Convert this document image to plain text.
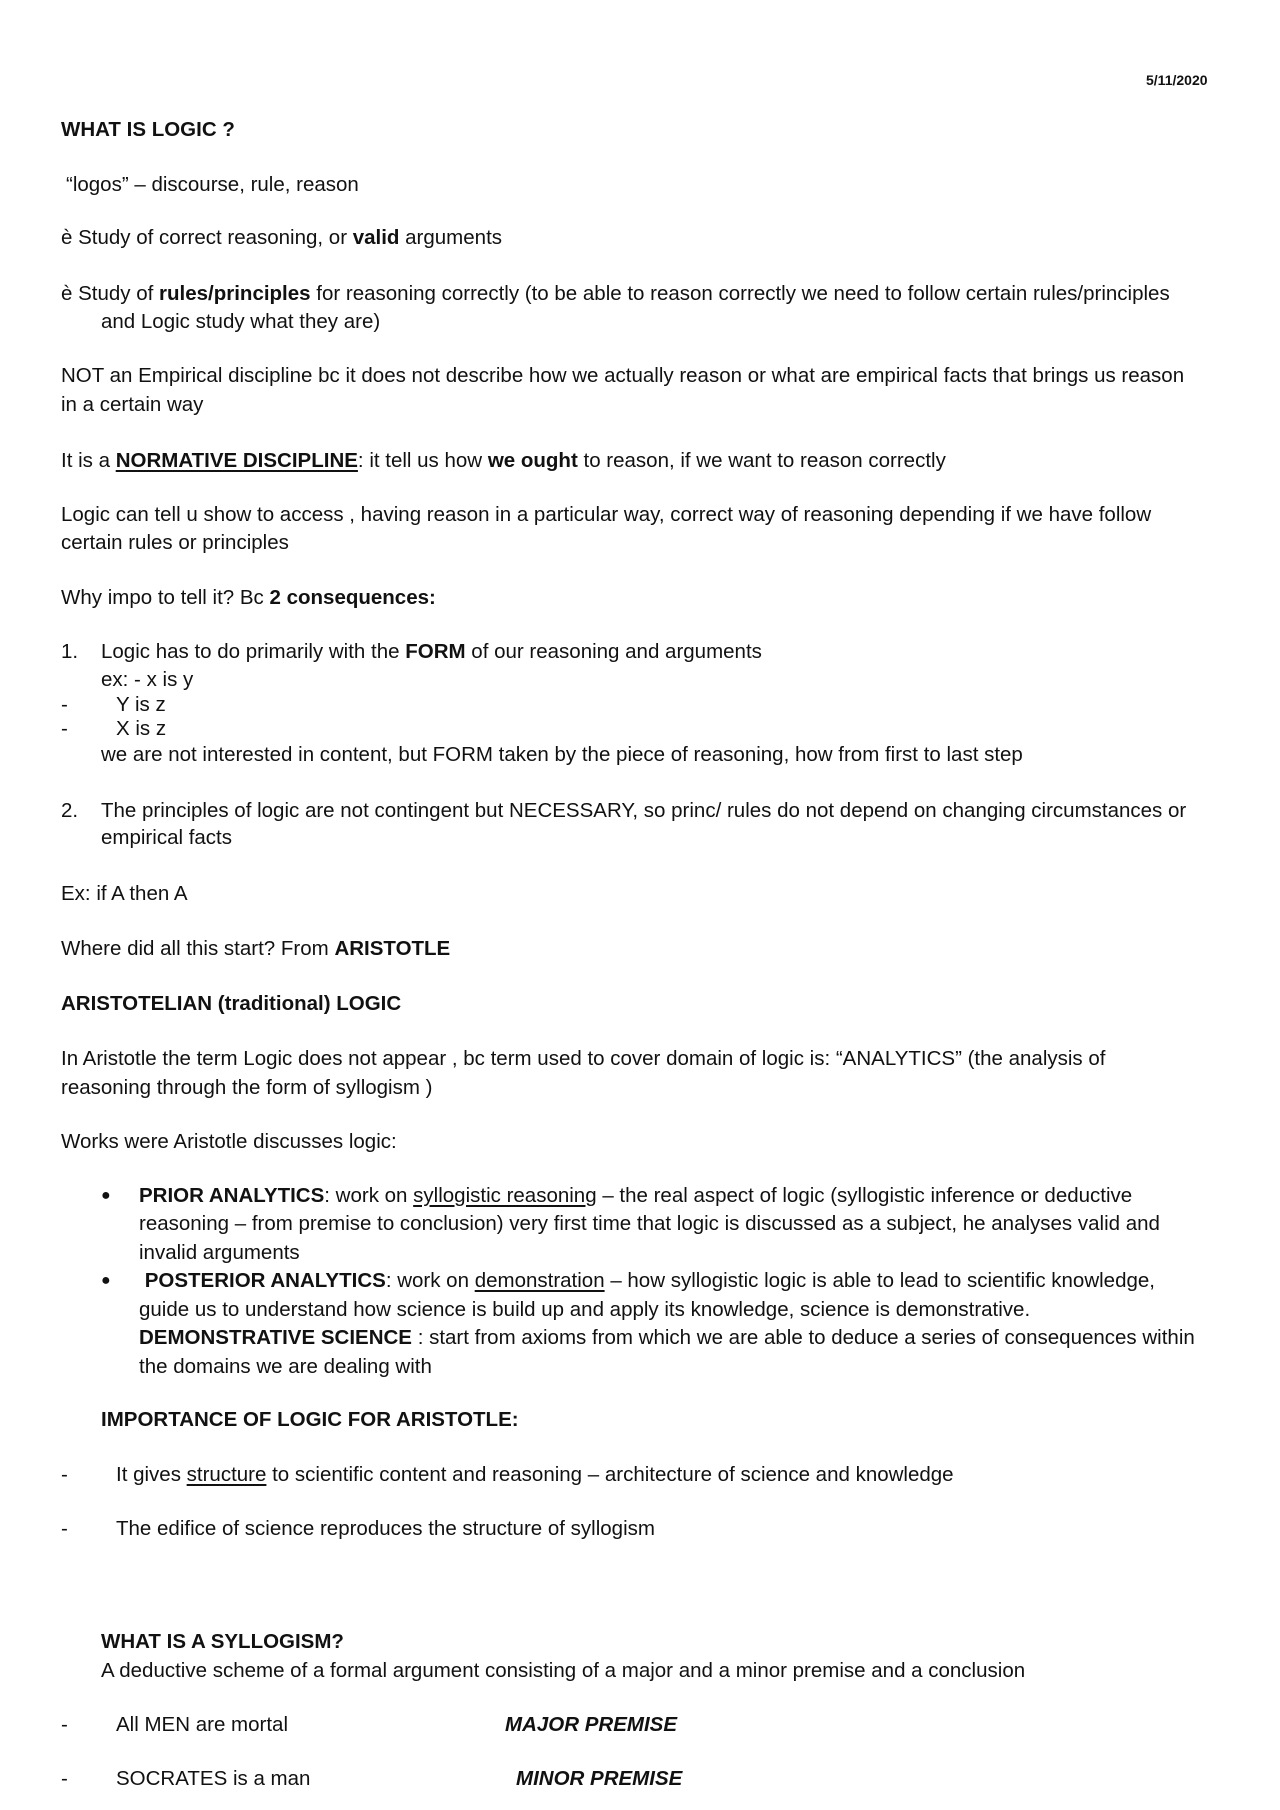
5/11/2020
WHAT IS LOGIC ?
“logos” – discourse, rule, reason
è Study of correct reasoning, or valid arguments
è Study of rules/principles for reasoning correctly (to be able to reason correctly we need to follow certain rules/principles
and Logic study what they are)
NOT an Empirical discipline bc it does not describe how we actually reason or what are empirical facts that brings us reason
in a certain way
It is a NORMATIVE DISCIPLINE: it tell us how we ought to reason, if we want to reason correctly
Logic can tell u show to access , having reason in a particular way, correct way of reasoning depending if we have follow
certain rules or principles
Why impo to tell it? Bc 2 consequences:
1. Logic has to do primarily with the FORM of our reasoning and arguments
ex: - x is y
- Y is z
- X is z
we are not interested in content, but FORM taken by the piece of reasoning, how from first to last step
2. The principles of logic are not contingent but NECESSARY, so princ/ rules do not depend on changing circumstances or
empirical facts
Ex: if A then A
Where did all this start? From ARISTOTLE
ARISTOTELIAN (traditional) LOGIC
In Aristotle the term Logic does not appear , bc term used to cover domain of logic is: “ANALYTICS” (the analysis of
reasoning through the form of syllogism )
Works were Aristotle discusses logic:
● PRIOR ANALYTICS: work on syllogistic reasoning – the real aspect of logic (syllogistic inference or deductive
reasoning – from premise to conclusion) very first time that logic is discussed as a subject, he analyses valid and
invalid arguments
● POSTERIOR ANALYTICS: work on demonstration – how syllogistic logic is able to lead to scientific knowledge,
guide us to understand how science is build up and apply its knowledge, science is demonstrative.
DEMONSTRATIVE SCIENCE : start from axioms from which we are able to deduce a series of consequences within
the domains we are dealing with
IMPORTANCE OF LOGIC FOR ARISTOTLE:
- It gives structure to scientific content and reasoning – architecture of science and knowledge
- The edifice of science reproduces the structure of syllogism
WHAT IS A SYLLOGISM?
A deductive scheme of a formal argument consisting of a major and a minor premise and a conclusion
- All MEN are mortal	MAJOR PREMISE
- SOCRATES is a man	MINOR PREMISE
